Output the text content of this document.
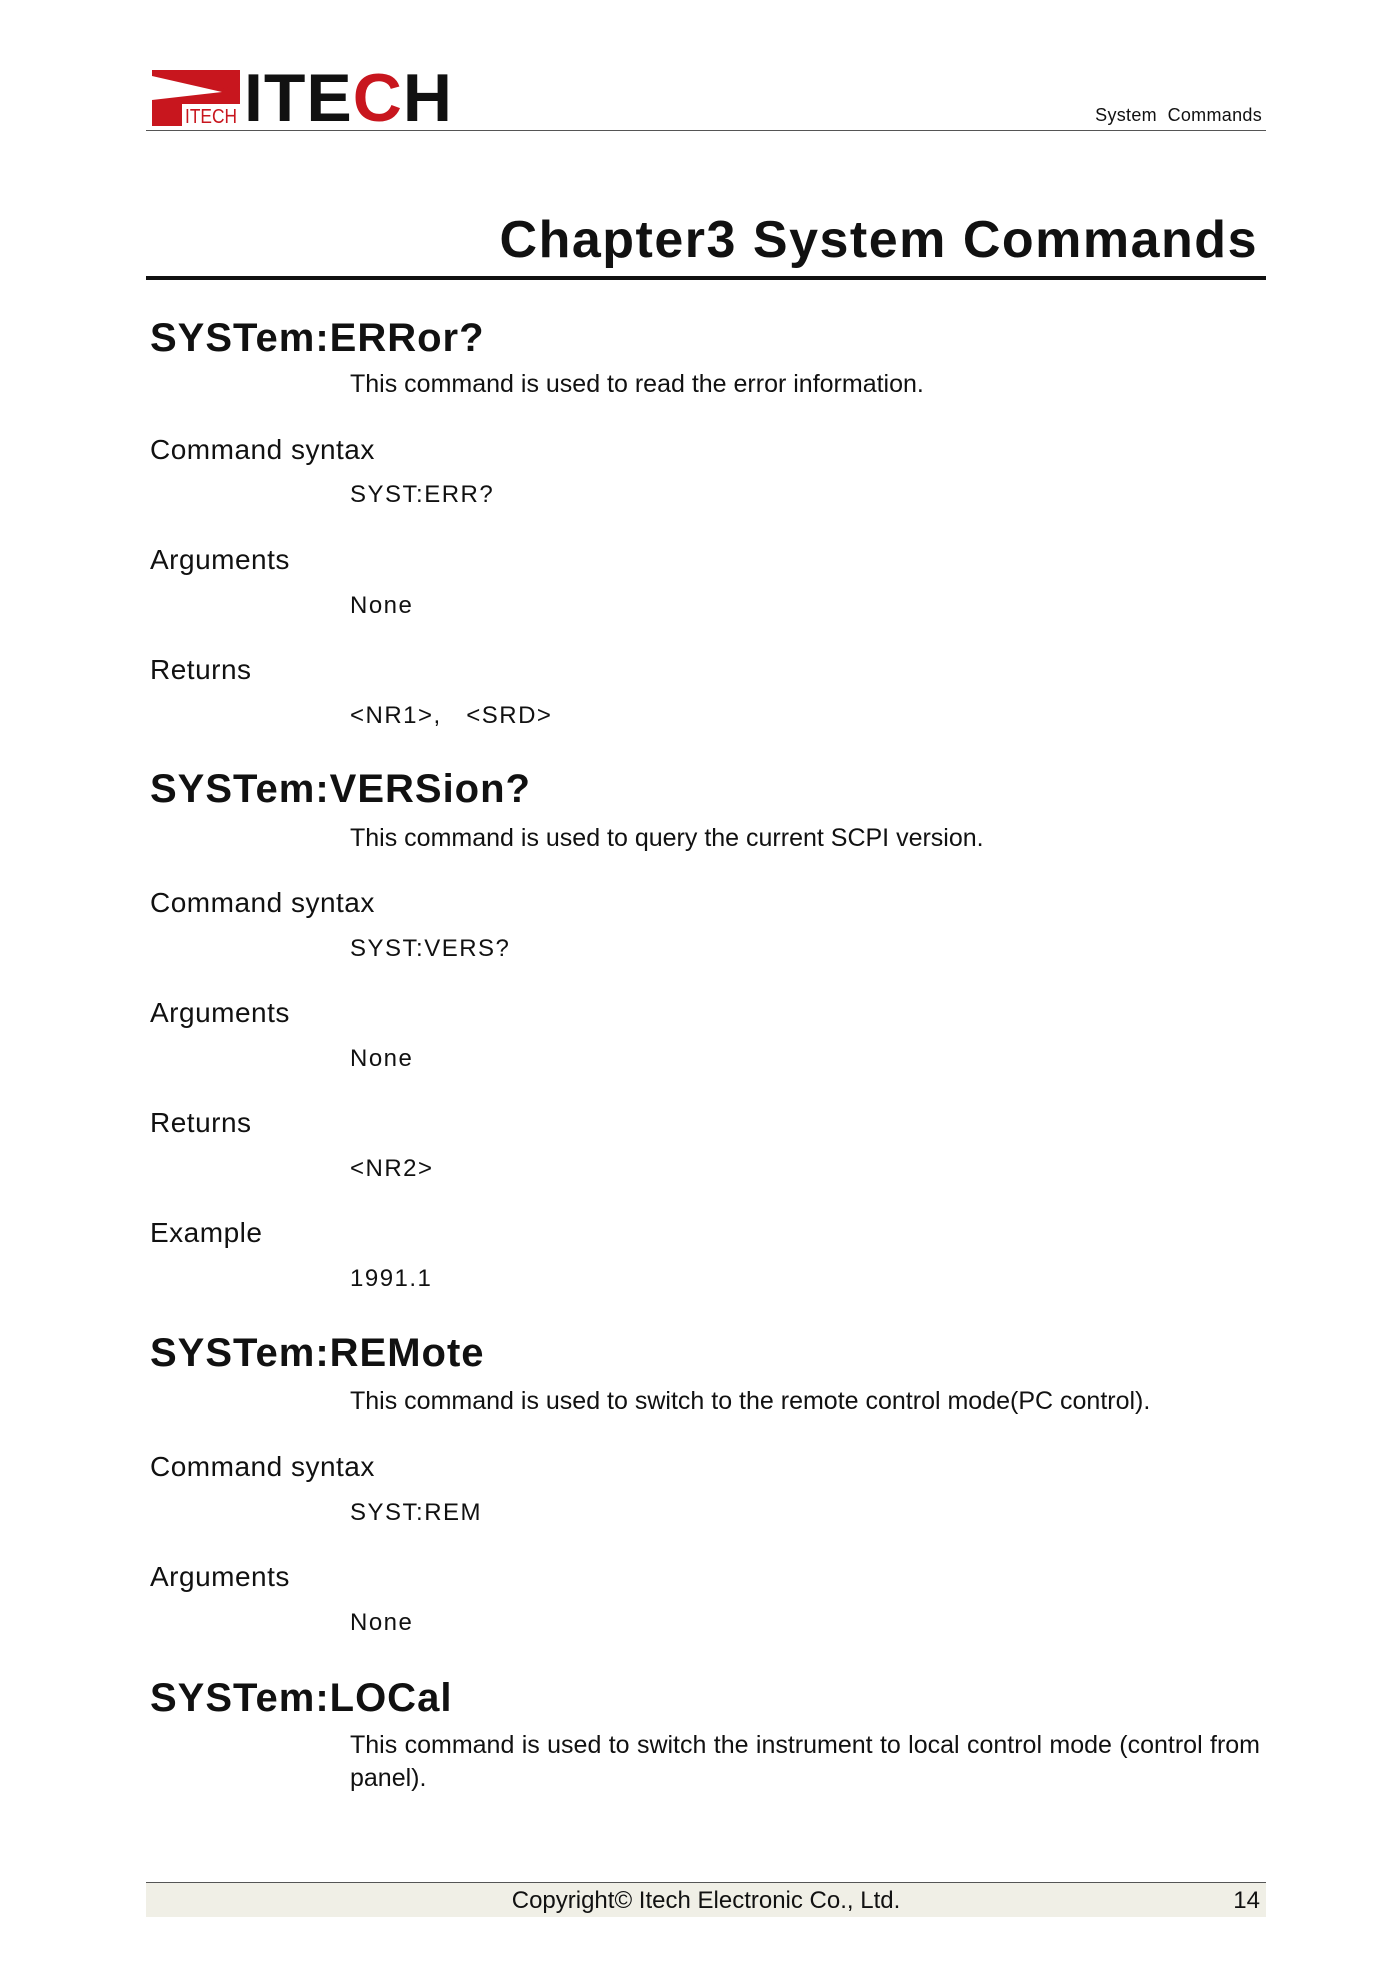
ITECH ITECH	System  Commands
Chapter3 System Commands
SYSTem:ERRor?

This command is used to read the error information.

Command syntax

SYST:ERR?

Arguments

None

Returns

<NR1>,   <SRD>

SYSTem:VERSion?

This command is used to query the current SCPI version.

Command syntax

SYST:VERS?

Arguments

None

Returns

<NR2>

Example

1991.1

SYSTem:REMote

This command is used to switch to the remote control mode(PC control).

Command syntax

SYST:REM

Arguments

None

SYSTem:LOCal

This command is used to switch the instrument to local control mode (control from panel).

Copyright© Itech Electronic Co., Ltd.	14
